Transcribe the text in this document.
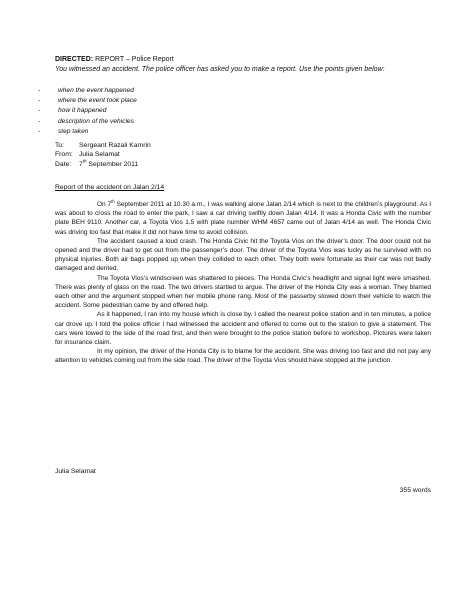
DIRECTED: REPORT – Police Report
You witnessed an accident. The police officer has asked you to make a report. Use the points given below:
-	when the event happened
-	where the event took place
-	how it happened
-	description of the vehicles
-	step taken
To: Sergeant Razali Kamrin
From: Julia Selamat
Date: 7th September 2011
Report of the accident on Jalan 2/14

On 7th September 2011 at 10.30 a.m., I was walking alone Jalan 2/14 which is next to the children’s playground. As I was about to cross the road to enter the park, I saw a car driving swiftly down Jalan 4/14. It was a Honda Civic with the number plate BEH 9110. Another car, a Toyota Vios 1.5 with plate number WHM 4657 came out of Jalan 4/14 as well. The Honda Civic was driving too fast that make it did not have time to avoid collision.

The accident caused a loud crash. The Honda Civic hit the Toyota Vios on the driver’s door. The door could not be opened and the driver had to get out from the passenger’s door. The driver of the Toyota Vios was lucky as he survived with no physical injuries. Both air bags popped up when they collided to each other. They both were fortunate as their car was not badly damaged and dented.

The Toyota Vios’s windscreen was shattered to pieces. The Honda Civic’s headlight and signal light were smashed. There was plenty of glass on the road. The two drivers startled to argue. The driver of the Honda City was a woman. They blamed each other and the argument stopped when her mobile phone rang. Most of the passerby slowed down their vehicle to watch the accident. Some pedestrian came by and offered help.

As it happened, I ran into my house which is close by. I called the nearest police station and in ten minutes, a police car drove up. I told the police officer I had witnessed the accident and offered to come out to the station to give a statement. The cars were towed to the side of the road first, and then were brought to the police station before to workshop. Pictures were taken for insurance claim.

In my opinion, the driver of the Honda City is to blame for the accident. She was driving too fast and did not pay any attention to vehicles coming out from the side road. The driver of the Toyota Vios should have stopped at the junction.

Julia Selamat
355 words
